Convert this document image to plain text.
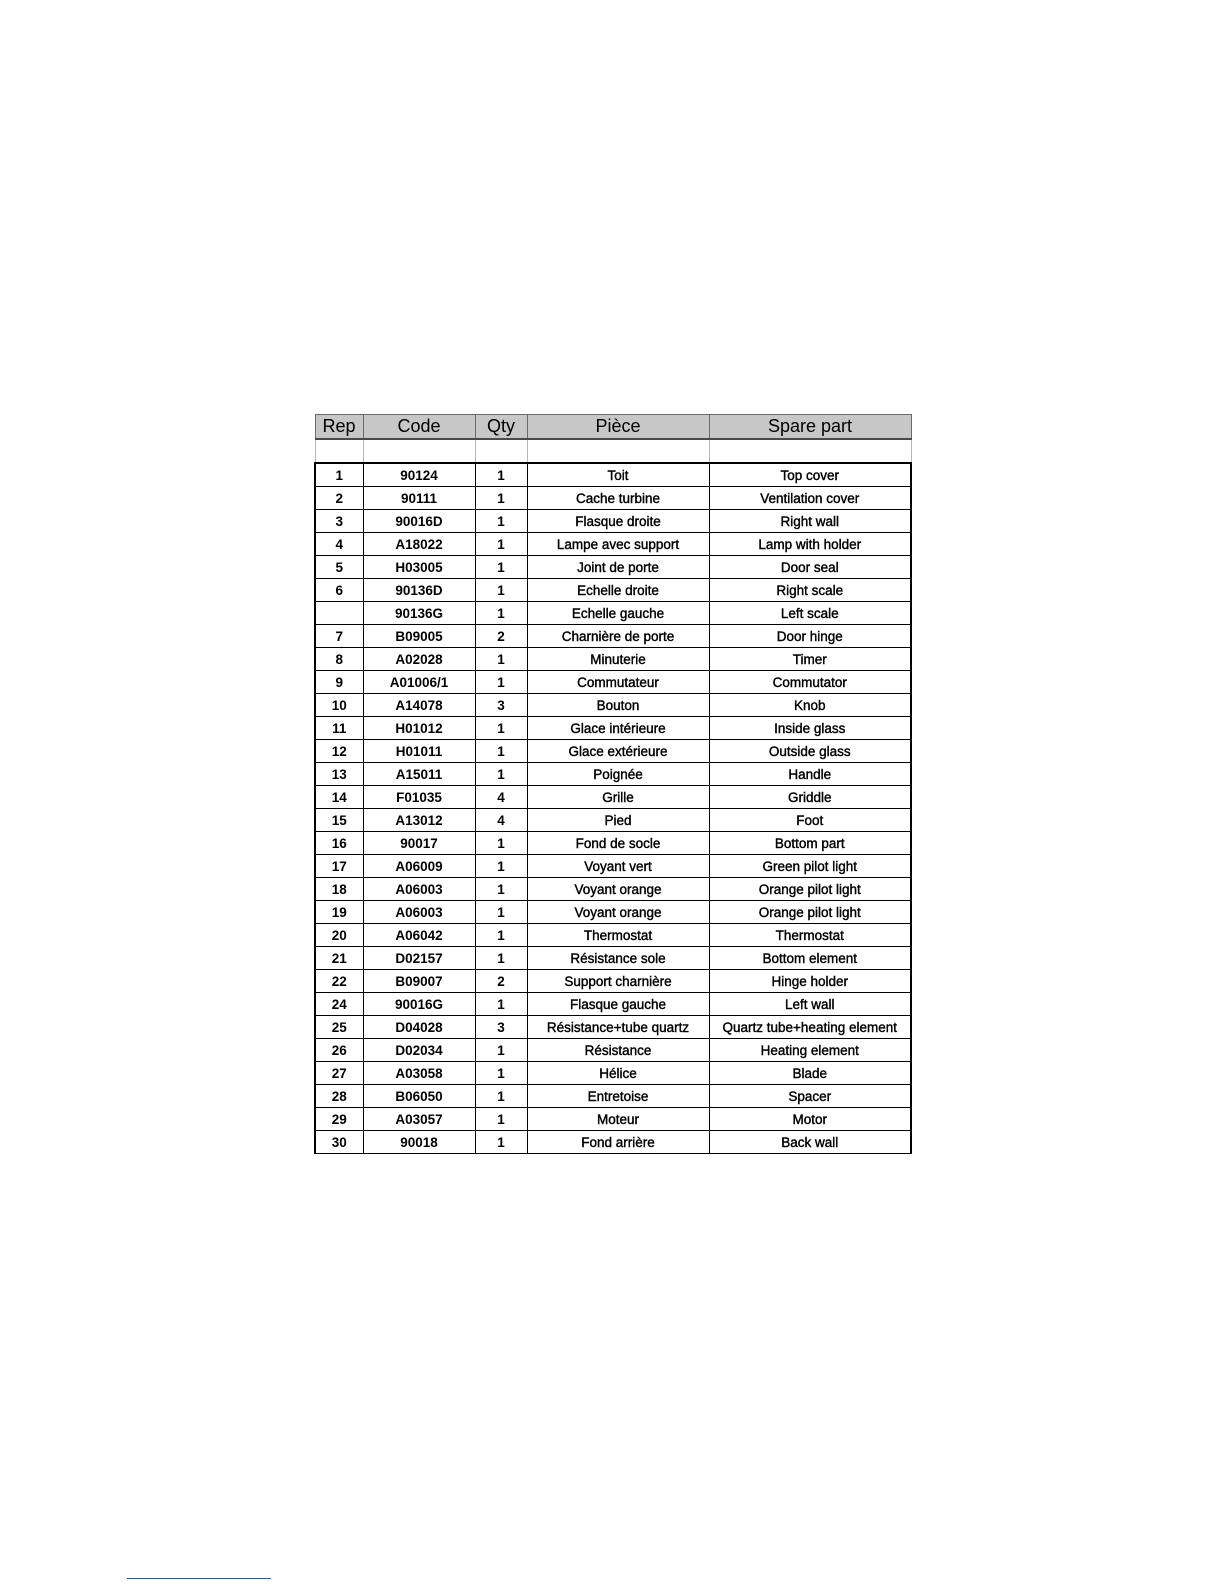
Rep	Code	Qty	Pièce	Spare part

1	90124	1	Toit	Top cover
2	90111	1	Cache turbine	Ventilation cover
3	90016D	1	Flasque droite	Right wall
4	A18022	1	Lampe avec support	Lamp with holder
5	H03005	1	Joint de porte	Door seal
6	90136D	1	Echelle droite	Right scale
	90136G	1	Echelle gauche	Left scale
7	B09005	2	Charnière de porte	Door hinge
8	A02028	1	Minuterie	Timer
9	A01006/1	1	Commutateur	Commutator
10	A14078	3	Bouton	Knob
11	H01012	1	Glace intérieure	Inside glass
12	H01011	1	Glace extérieure	Outside glass
13	A15011	1	Poignée	Handle
14	F01035	4	Grille	Griddle
15	A13012	4	Pied	Foot
16	90017	1	Fond de socle	Bottom part
17	A06009	1	Voyant vert	Green pilot light
18	A06003	1	Voyant orange	Orange pilot light
19	A06003	1	Voyant orange	Orange pilot light
20	A06042	1	Thermostat	Thermostat
21	D02157	1	Résistance sole	Bottom element
22	B09007	2	Support charnière	Hinge holder
24	90016G	1	Flasque gauche	Left wall
25	D04028	3	Résistance+tube quartz	Quartz tube+heating element
26	D02034	1	Résistance	Heating element
27	A03058	1	Hélice	Blade
28	B06050	1	Entretoise	Spacer
29	A03057	1	Moteur	Motor
30	90018	1	Fond arrière	Back wall
